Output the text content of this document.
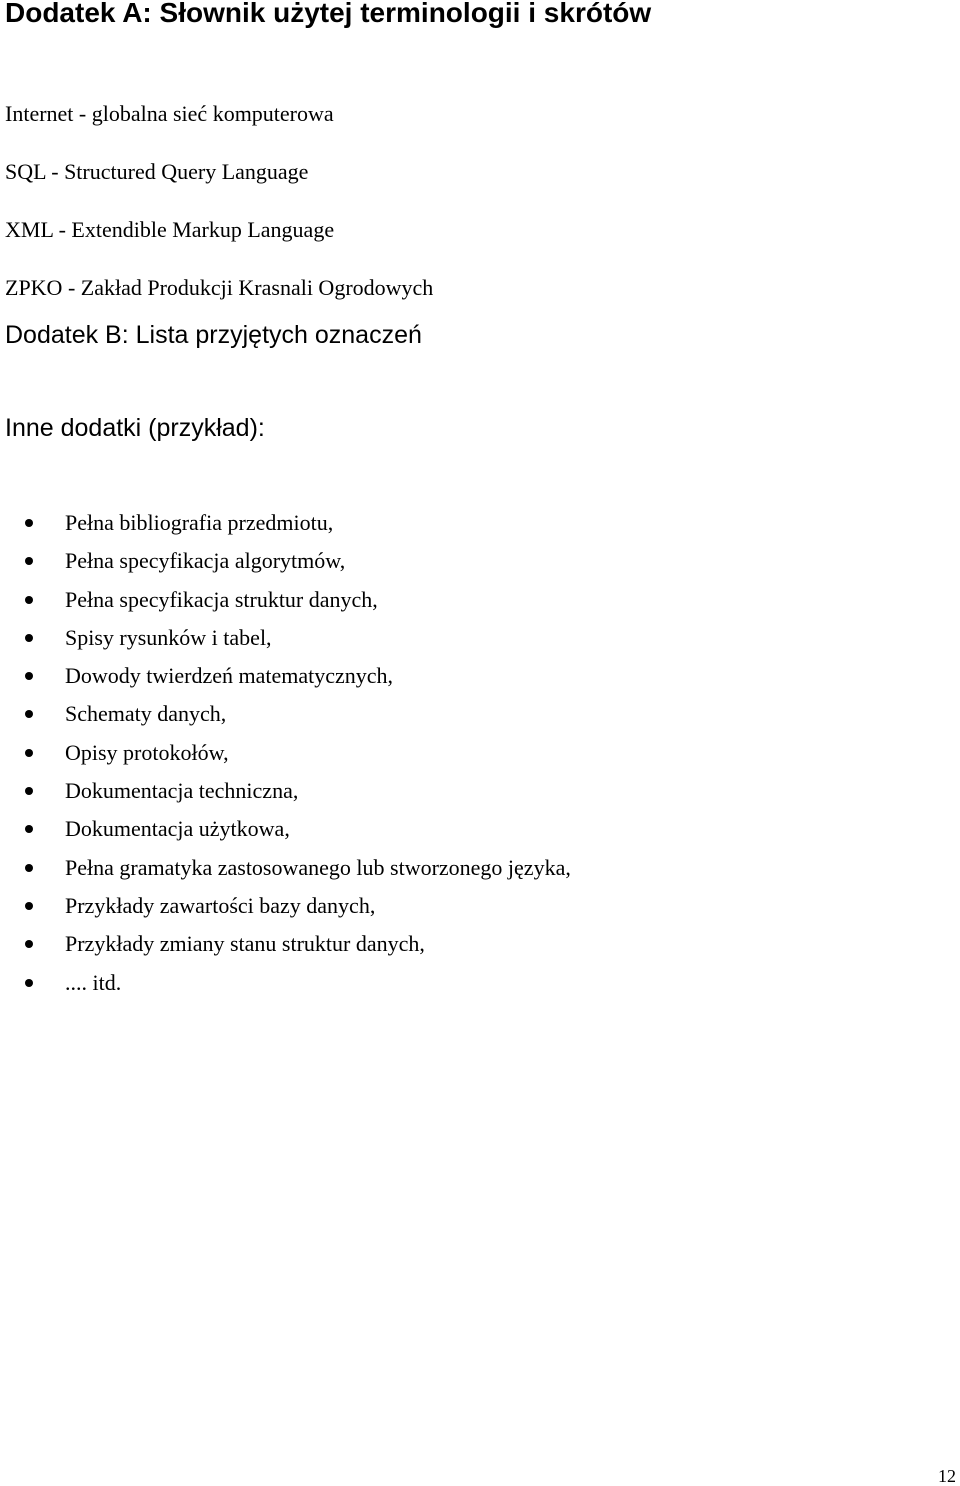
Dodatek A: Słownik użytej terminologii i skrótów

Internet - globalna sieć komputerowa

SQL - Structured Query Language

XML - Extendible Markup Language

ZPKO - Zakład Produkcji Krasnali Ogrodowych

Dodatek B: Lista przyjętych oznaczeń
Inne dodatki (przykład):
Pełna bibliografia przedmiotu,
Pełna specyfikacja algorytmów,
Pełna specyfikacja struktur danych,
Spisy rysunków i tabel,
Dowody twierdzeń matematycznych,
Schematy danych,
Opisy protokołów,
Dokumentacja techniczna,
Dokumentacja użytkowa,
Pełna gramatyka zastosowanego lub stworzonego języka,
Przykłady zawartości bazy danych,
Przykłady zmiany stanu struktur danych,
.... itd.
12
